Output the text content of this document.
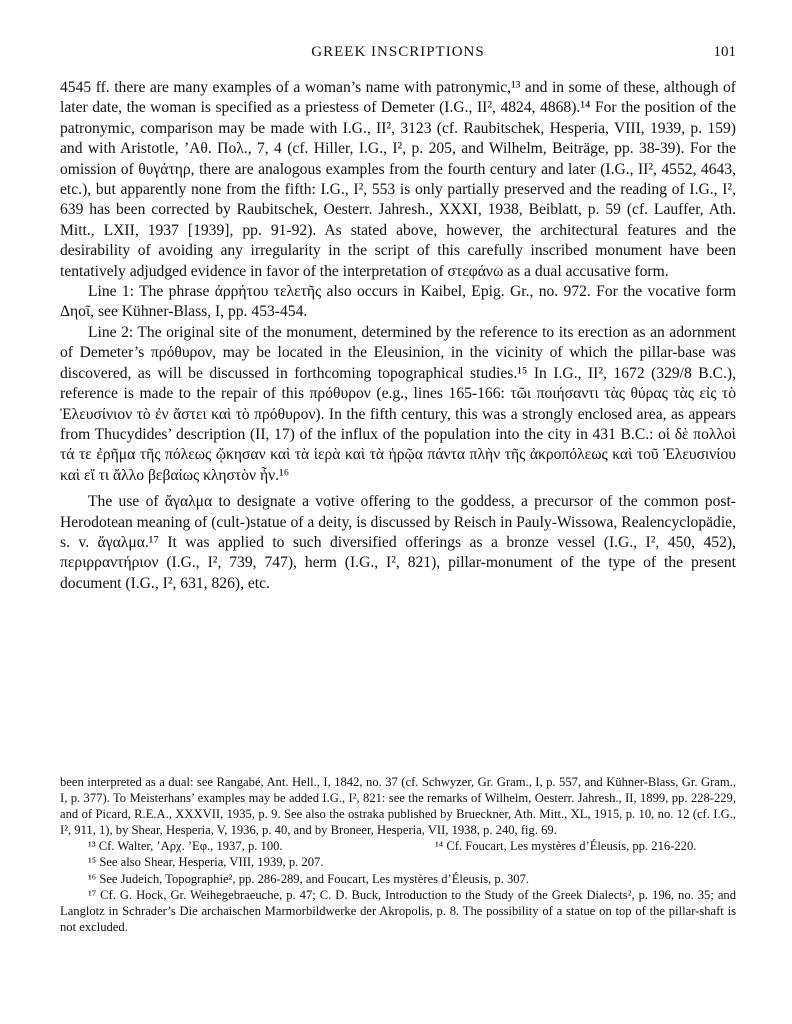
GREEK INSCRIPTIONS	101

4545 ff. there are many examples of a woman’s name with patronymic,¹³ and in some of these, although of later date, the woman is specified as a priestess of Demeter (I.G., II², 4824, 4868).¹⁴ For the position of the patronymic, comparison may be made with I.G., II², 3123 (cf. Raubitschek, Hesperia, VIII, 1939, p. 159) and with Aristotle, ’Αθ. Πολ., 7, 4 (cf. Hiller, I.G., I², p. 205, and Wilhelm, Beiträge, pp. 38-39). For the omission of θυγάτηρ, there are analogous examples from the fourth century and later (I.G., II², 4552, 4643, etc.), but apparently none from the fifth: I.G., I², 553 is only partially preserved and the reading of I.G., I², 639 has been corrected by Raubitschek, Oesterr. Jahresh., XXXI, 1938, Beiblatt, p. 59 (cf. Lauffer, Ath. Mitt., LXII, 1937 [1939], pp. 91-92). As stated above, however, the architectural features and the desirability of avoiding any irregularity in the script of this carefully inscribed monument have been tentatively adjudged evidence in favor of the interpretation of στεφάνω as a dual accusative form.

Line 1: The phrase ἀρρήτου τελετῆς also occurs in Kaibel, Epig. Gr., no. 972. For the vocative form Δηοῖ, see Kühner-Blass, I, pp. 453-454.

Line 2: The original site of the monument, determined by the reference to its erection as an adornment of Demeter’s πρόθυρον, may be located in the Eleusinion, in the vicinity of which the pillar-base was discovered, as will be discussed in forthcoming topographical studies.¹⁵ In I.G., II², 1672 (329/8 B.C.), reference is made to the repair of this πρόθυρον (e.g., lines 165-166: τῶι ποιήσαντι τὰς θύρας τὰς εἰς τὸ Ἐλευσίνιον τὸ ἐν ἄστει καὶ τὸ πρόθυρον). In the fifth century, this was a strongly enclosed area, as appears from Thucydides’ description (II, 17) of the influx of the population into the city in 431 B.C.: οἱ δὲ πολλοὶ τά τε ἐρῆμα τῆς πόλεως ᾤκησαν καὶ τὰ ἱερὰ καὶ τὰ ἡρῷα πάντα πλὴν τῆς ἀκροπόλεως καὶ τοῦ Ἐλευσινίου καὶ εἴ τι ἄλλο βεβαίως κληστὸν ἦν.¹⁶

The use of ἄγαλμα to designate a votive offering to the goddess, a precursor of the common post-Herodotean meaning of (cult-)statue of a deity, is discussed by Reisch in Pauly-Wissowa, Realencyclopädie, s. v. ἄγαλμα.¹⁷ It was applied to such diversified offerings as a bronze vessel (I.G., I², 450, 452), περιρραντήριον (I.G., I², 739, 747), herm (I.G., I², 821), pillar-monument of the type of the present document (I.G., I², 631, 826), etc.

been interpreted as a dual: see Rangabé, Ant. Hell., I, 1842, no. 37 (cf. Schwyzer, Gr. Gram., I, p. 557, and Kühner-Blass, Gr. Gram., I, p. 377). To Meisterhans’ examples may be added I.G., I², 821: see the remarks of Wilhelm, Oesterr. Jahresh., II, 1899, pp. 228-229, and of Picard, R.E.A., XXXVII, 1935, p. 9. See also the ostraka published by Brueckner, Ath. Mitt., XL, 1915, p. 10, no. 12 (cf. I.G., I², 911, 1), by Shear, Hesperia, V, 1936, p. 40, and by Broneer, Hesperia, VII, 1938, p. 240, fig. 69.

¹³ Cf. Walter, ’Αρχ. ’Εφ., 1937, p. 100.	¹⁴ Cf. Foucart, Les mystères d’Éleusis, pp. 216-220.

¹⁵ See also Shear, Hesperia, VIII, 1939, p. 207.

¹⁶ See Judeich, Topographie², pp. 286-289, and Foucart, Les mystères d’Éleusis, p. 307.

¹⁷ Cf. G. Hock, Gr. Weihegebraeuche, p. 47; C. D. Buck, Introduction to the Study of the Greek Dialects², p. 196, no. 35; and Langlotz in Schrader’s Die archaischen Marmorbildwerke der Akropolis, p. 8. The possibility of a statue on top of the pillar-shaft is not excluded.
